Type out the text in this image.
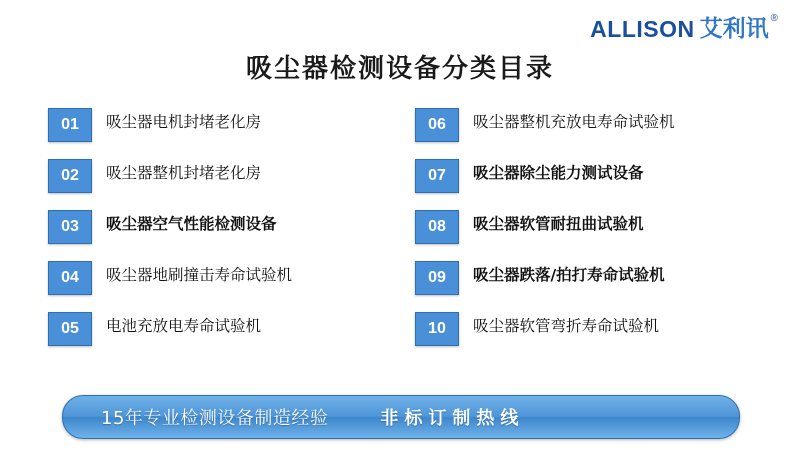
ALLISON 艾利讯 ®
吸尘器检测设备分类目录
01	吸尘器电机封堵老化房
02	吸尘器整机封堵老化房
03	吸尘器空气性能检测设备
04	吸尘器地刷撞击寿命试验机
05	电池充放电寿命试验机
06	吸尘器整机充放电寿命试验机
07	吸尘器除尘能力测试设备
08	吸尘器软管耐扭曲试验机
09	吸尘器跌落/拍打寿命试验机
10	吸尘器软管弯折寿命试验机
15年专业检测设备制造经验	非标订制热线
